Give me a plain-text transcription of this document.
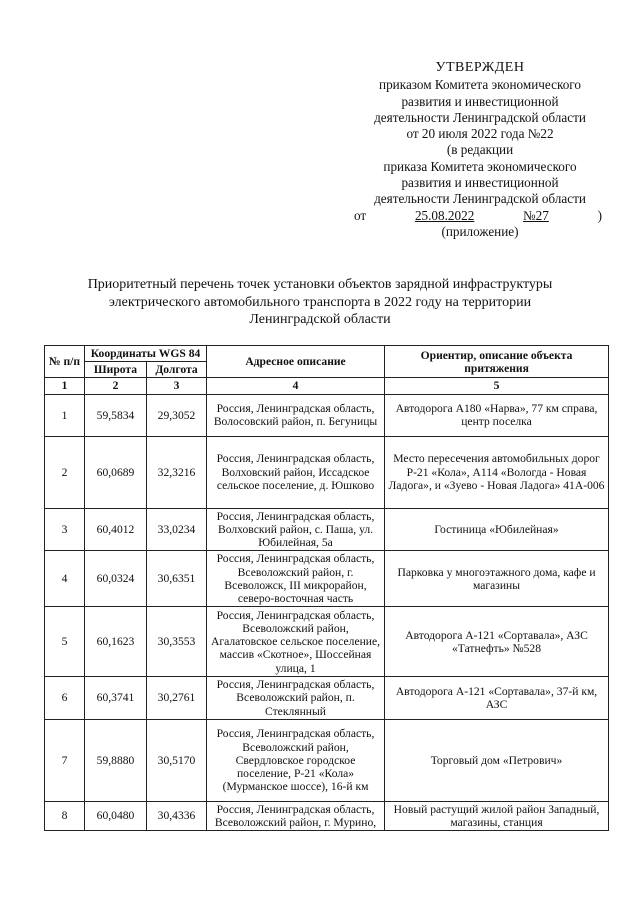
УТВЕРЖДЕН
приказом Комитета экономического
развития и инвестиционной
деятельности Ленинградской области
от 20 июля 2022 года №22
(в редакции
приказа Комитета экономического
развития и инвестиционной
деятельности Ленинградской области
от	25.08.2022	№27	)
(приложение)
Приоритетный перечень точек установки объектов зарядной инфраструктуры
электрического автомобильного транспорта в 2022 году на территории
Ленинградской области
№ п/п	Координаты WGS 84		Адресное описание	Ориентир, описание объекта притяжения
	Широта	Долгота		
1	2	3	4	5
1	59,5834	29,3052	Россия, Ленинградская область, Волосовский район, п. Бегуницы	Автодорога А180 «Нарва», 77 км справа, центр поселка
2	60,0689	32,3216	Россия, Ленинградская область, Волховский район, Иссадское сельское поселение, д. Юшково	Место пересечения автомобильных дорог Р-21 «Кола», А114 «Вологда - Новая Ладога», и «Зуево - Новая Ладога» 41А-006
3	60,4012	33,0234	Россия, Ленинградская область, Волховский район, с. Паша, ул. Юбилейная, 5а	Гостиница «Юбилейная»
4	60,0324	30,6351	Россия, Ленинградская область, Всеволожский район, г. Всеволожск, III микрорайон, северо-восточная часть	Парковка у многоэтажного дома, кафе и магазины
5	60,1623	30,3553	Россия, Ленинградская область, Всеволожский район, Агалатовское сельское поселение, массив «Скотное», Шоссейная улица, 1	Автодорога А-121 «Сортавала», АЗС «Татнефть» №528
6	60,3741	30,2761	Россия, Ленинградская область, Всеволожский район, п. Стеклянный	Автодорога А-121 «Сортавала», 37-й км, АЗС
7	59,8880	30,5170	Россия, Ленинградская область, Всеволожский район, Свердловское городское поселение, Р-21 «Кола» (Мурманское шоссе), 16-й км	Торговый дом «Петрович»
8	60,0480	30,4336	Россия, Ленинградская область, Всеволожский район, г. Мурино,	Новый растущий жилой район Западный, магазины, станция
